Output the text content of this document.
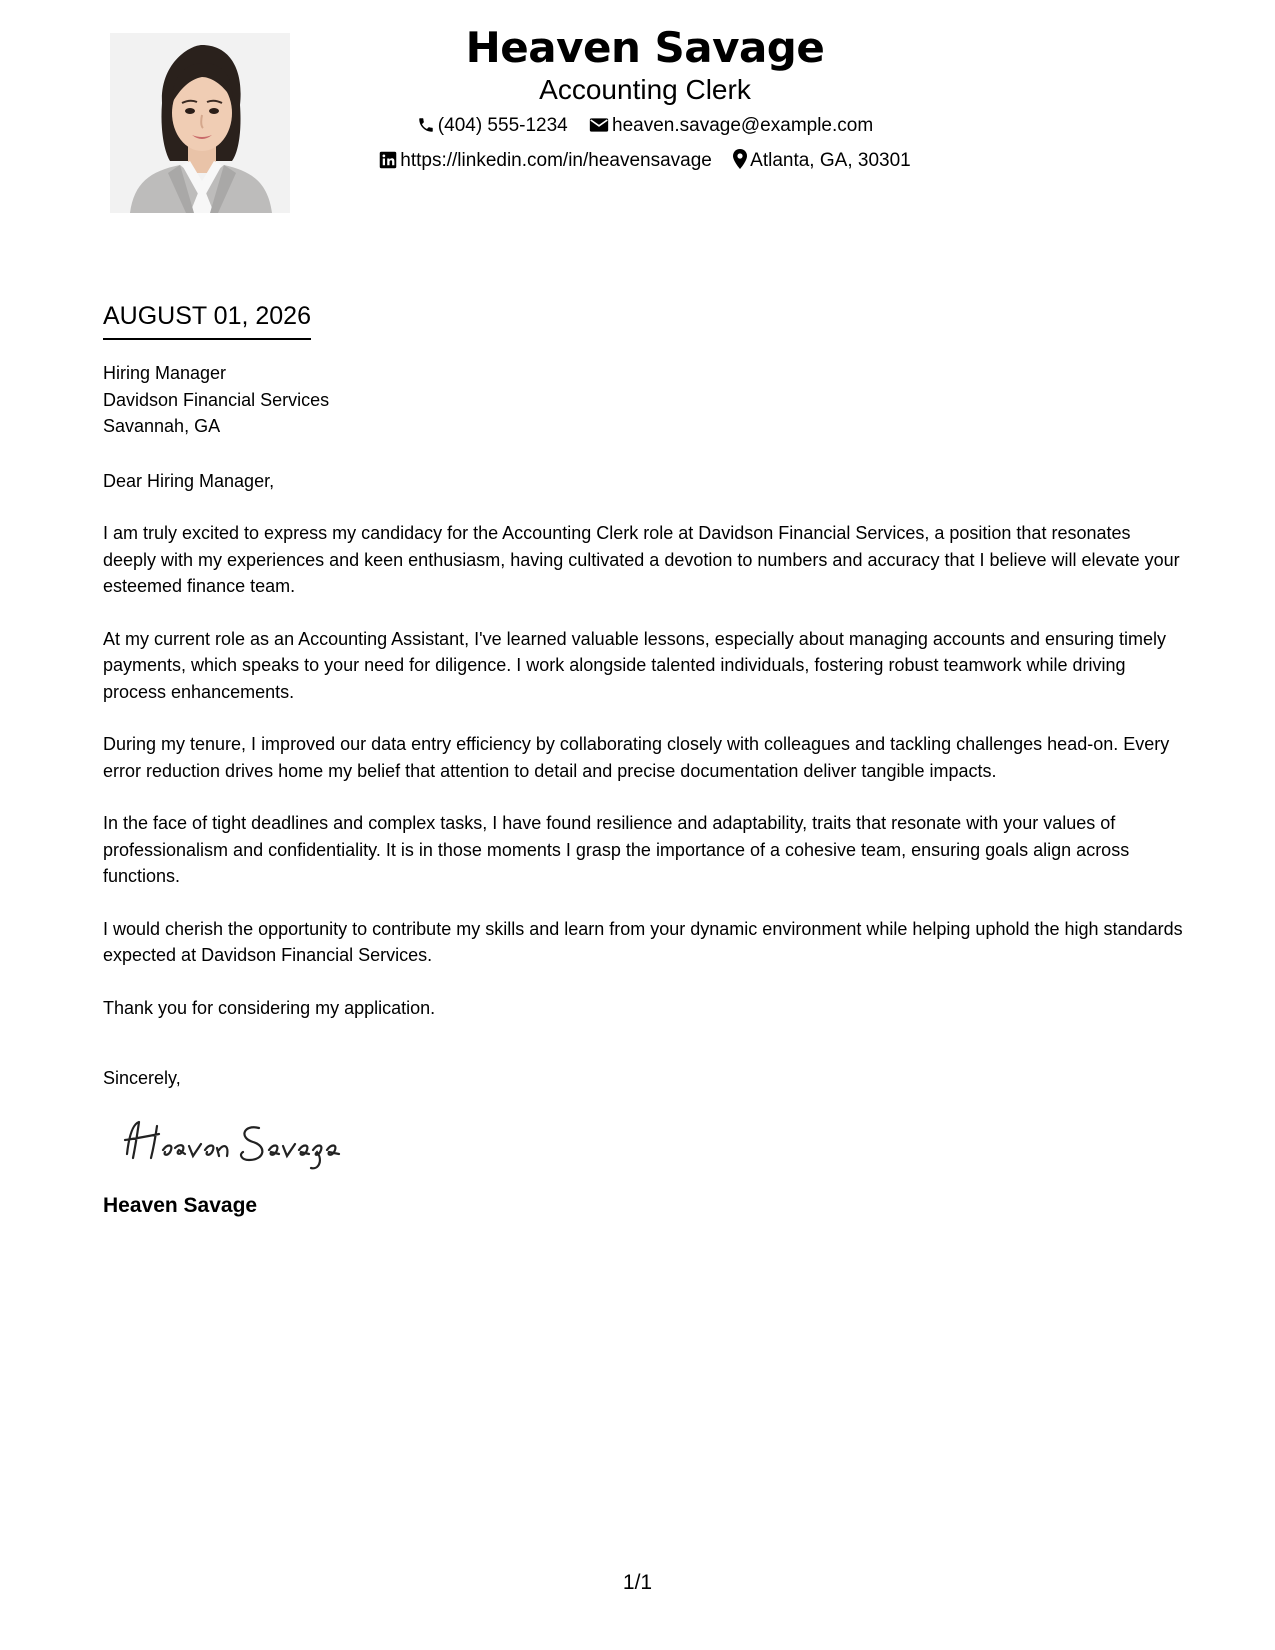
Heaven Savage
Accounting Clerk
(404) 555-1234 heaven.savage@example.com
https://linkedin.com/in/heavensavage Atlanta, GA, 30301
AUGUST 01, 2026
Hiring Manager
Davidson Financial Services
Savannah, GA
Dear Hiring Manager,
I am truly excited to express my candidacy for the Accounting Clerk role at Davidson Financial Services, a position that resonates deeply with my experiences and keen enthusiasm, having cultivated a devotion to numbers and accuracy that I believe will elevate your esteemed finance team.
At my current role as an Accounting Assistant, I've learned valuable lessons, especially about managing accounts and ensuring timely payments, which speaks to your need for diligence. I work alongside talented individuals, fostering robust teamwork while driving process enhancements.
During my tenure, I improved our data entry efficiency by collaborating closely with colleagues and tackling challenges head-on. Every error reduction drives home my belief that attention to detail and precise documentation deliver tangible impacts.
In the face of tight deadlines and complex tasks, I have found resilience and adaptability, traits that resonate with your values of professionalism and confidentiality. It is in those moments I grasp the importance of a cohesive team, ensuring goals align across functions.
I would cherish the opportunity to contribute my skills and learn from your dynamic environment while helping uphold the high standards expected at Davidson Financial Services.
Thank you for considering my application.
Sincerely,
Heaven Savage
1/1
